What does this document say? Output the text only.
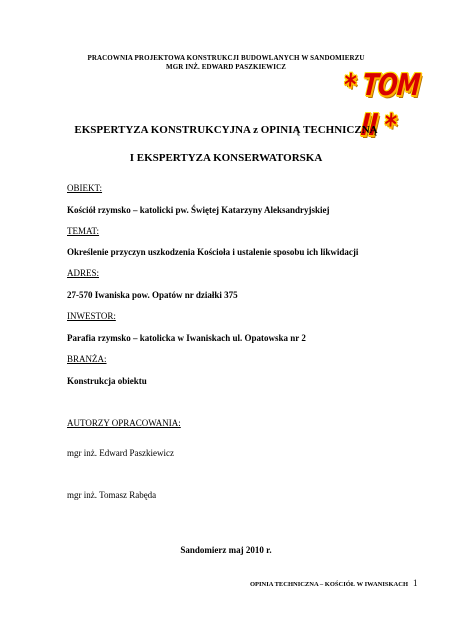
PRACOWNIA PROJEKTOWA KONSTRUKCJI BUDOWLANYCH W SANDOMIERZU
MGR INŻ. EDWARD PASZKIEWICZ
* TOM II *
EKSPERTYZA KONSTRUKCYJNA z OPINIĄ TECHNICZNĄ
I EKSPERTYZA KONSERWATORSKA
OBIEKT:
Kościół rzymsko – katolicki pw. Świętej Katarzyny Aleksandryjskiej
TEMAT:
Określenie przyczyn uszkodzenia Kościoła i ustalenie sposobu ich likwidacji
ADRES:
27-570 Iwaniska pow. Opatów nr działki 375
INWESTOR:
Parafia rzymsko – katolicka w Iwaniskach ul. Opatowska nr 2
BRANŻA:
Konstrukcja obiektu
AUTORZY OPRACOWANIA:
mgr inż. Edward Paszkiewicz
mgr inż. Tomasz Rabęda
Sandomierz maj 2010 r.
OPINIA TECHNICZNA – KOŚCIÓŁ W IWANISKACH 1
